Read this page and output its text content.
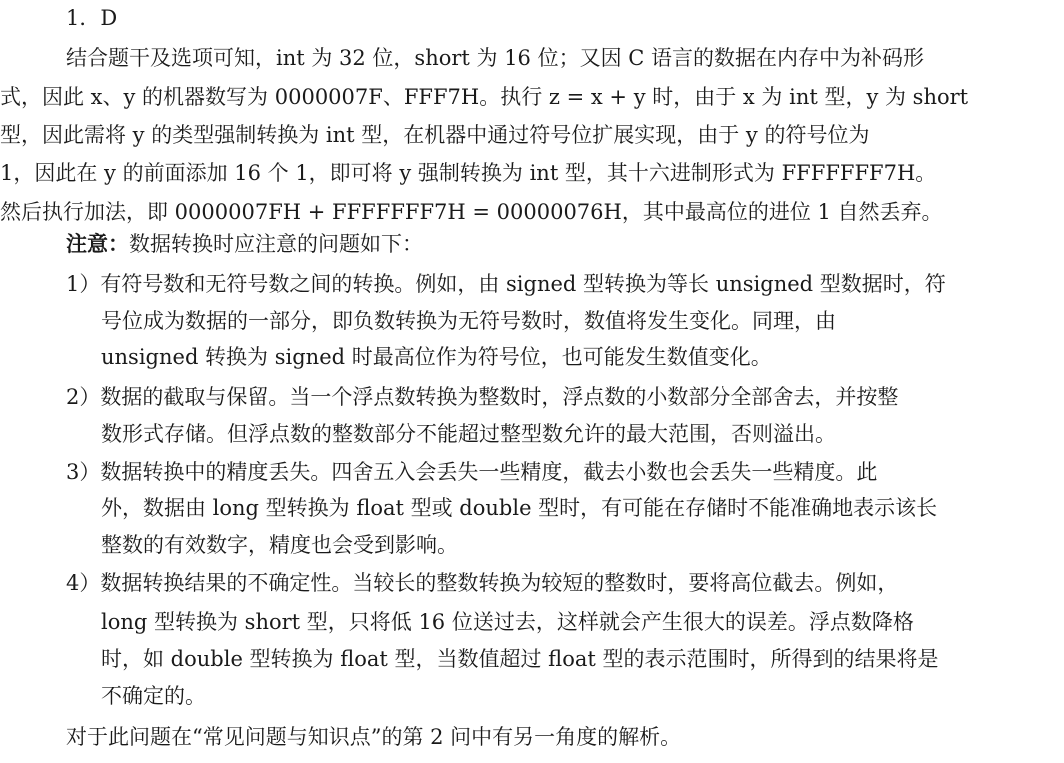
1．D
结合题干及选项可知，int 为 32 位，short 为 16 位；又因 C 语言的数据在内存中为补码形
式，因此 x、y 的机器数写为 0000007F、FFF7H。执行 z = x + y 时，由于 x 为 int 型，y 为 short
型，因此需将 y 的类型强制转换为 int 型，在机器中通过符号位扩展实现，由于 y 的符号位为
1，因此在 y 的前面添加 16 个 1，即可将 y 强制转换为 int 型，其十六进制形式为 FFFFFFF7H。
然后执行加法，即 0000007FH + FFFFFFF7H = 00000076H，其中最高位的进位 1 自然丢弃。
注意：数据转换时应注意的问题如下：
1）有符号数和无符号数之间的转换。例如，由 signed 型转换为等长 unsigned 型数据时，符
号位成为数据的一部分，即负数转换为无符号数时，数值将发生变化。同理，由
unsigned 转换为 signed 时最高位作为符号位，也可能发生数值变化。
2）数据的截取与保留。当一个浮点数转换为整数时，浮点数的小数部分全部舍去，并按整
数形式存储。但浮点数的整数部分不能超过整型数允许的最大范围，否则溢出。
3）数据转换中的精度丢失。四舍五入会丢失一些精度，截去小数也会丢失一些精度。此
外，数据由 long 型转换为 float 型或 double 型时，有可能在存储时不能准确地表示该长
整数的有效数字，精度也会受到影响。
4）数据转换结果的不确定性。当较长的整数转换为较短的整数时，要将高位截去。例如，
long 型转换为 short 型，只将低 16 位送过去，这样就会产生很大的误差。浮点数降格
时，如 double 型转换为 float 型，当数值超过 float 型的表示范围时，所得到的结果将是
不确定的。
对于此问题在“常见问题与知识点”的第 2 问中有另一角度的解析。
